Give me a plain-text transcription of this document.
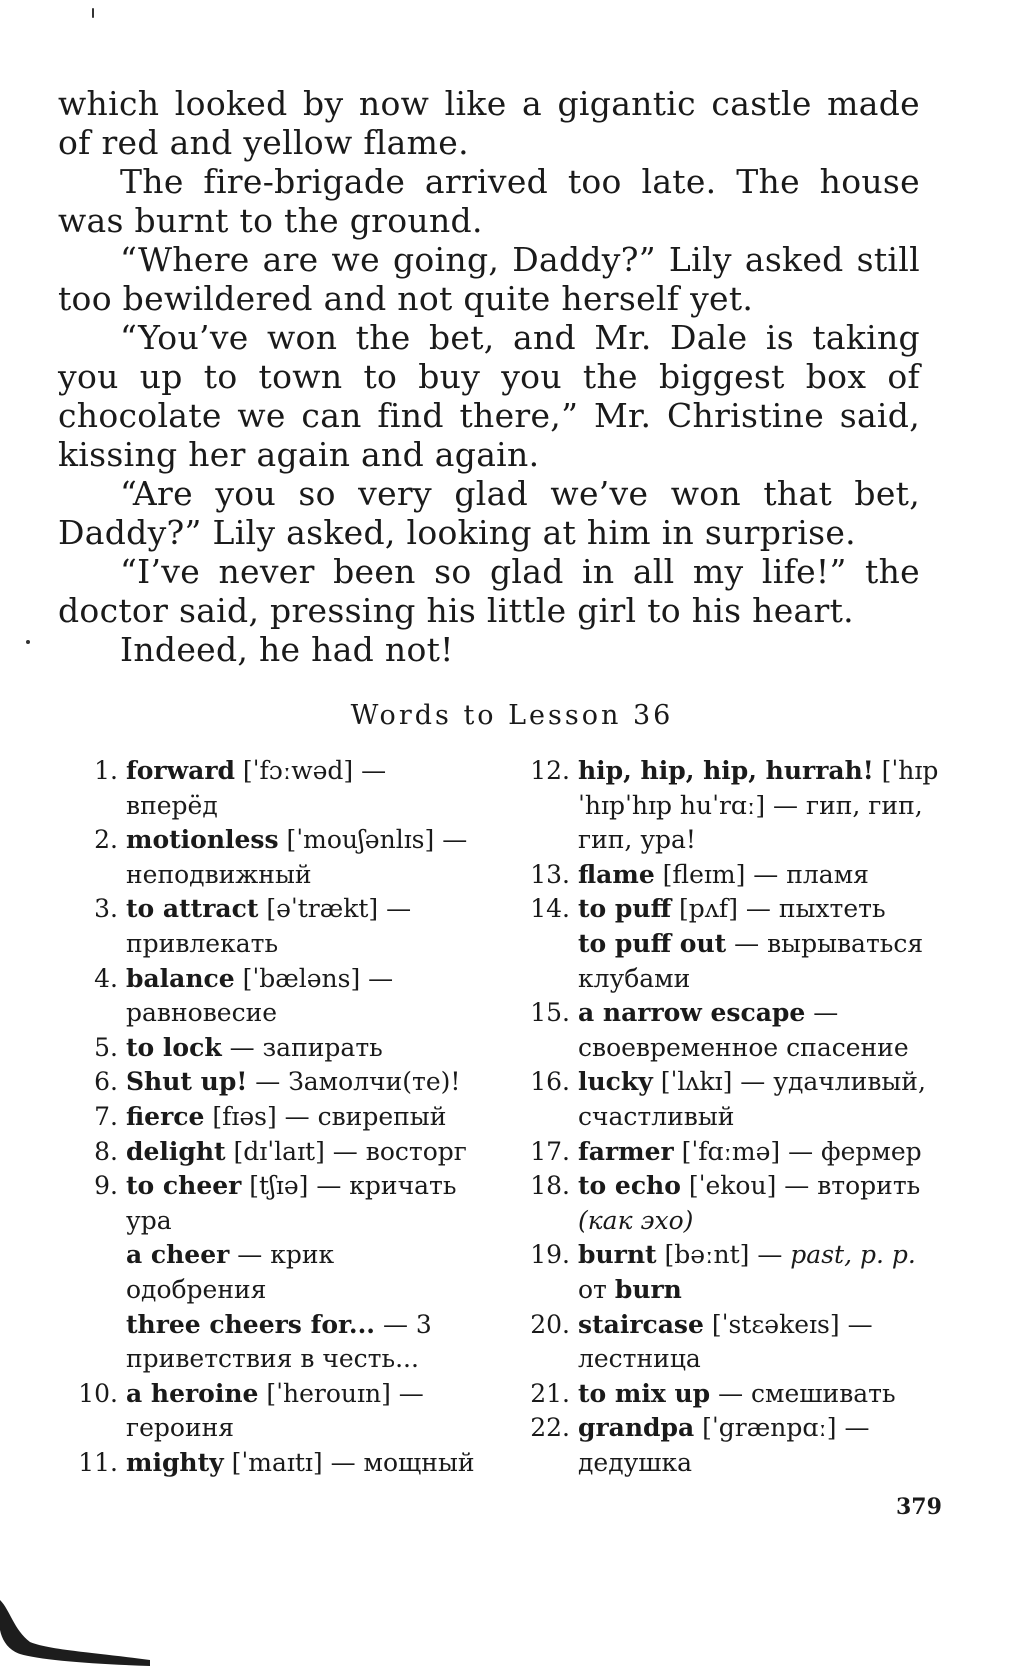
which looked by now like a gigantic castle made of red and yellow flame.

The fire-brigade arrived too late. The house was burnt to the ground.

“Where are we going, Daddy?” Lily asked still too bewildered and not quite herself yet.

“You’ve won the bet, and Mr. Dale is taking you up to town to buy you the biggest box of chocolate we can find there,” Mr. Christine said, kissing her again and again.

“Are you so very glad we’ve won that bet, Daddy?” Lily asked, looking at him in surprise.

“I’ve never been so glad in all my life!” the doctor said, pressing his little girl to his heart.

Indeed, he had not!

Words to Lesson 36
1. forward [ˈfɔːwəd] — вперёд
2. motionless [ˈmouʃənlɪs] — неподвижный
3. to attract [əˈtrækt] — привлекать
4. balance [ˈbæləns] — равновесие
5. to lock — запирать
6. Shut up! — Замолчи(те)!
7. fierce [fɪəs] — свирепый
8. delight [dɪˈlaɪt] — восторг
9. to cheer [tʃɪə] — кричать ура
a cheer — крик одобрения
three cheers for... — 3 приветствия в честь...
10. a heroine [ˈherouɪn] — героиня
11. mighty [ˈmaɪtɪ] — мощный
12. hip, hip, hip, hurrah! [ˈhɪpˈhɪpˈhɪp huˈrɑː] — гип, гип, гип, ура!
13. flame [fleɪm] — пламя
14. to puff [pʌf] — пыхтеть
to puff out — вырываться клубами
15. a narrow escape — своевременное спасение
16. lucky [ˈlʌkɪ] — удачливый, счастливый
17. farmer [ˈfɑːmə] — фермер
18. to echo [ˈekou] — вторить (как эхо)
19. burnt [bəːnt] — past, p. p. от burn
20. staircase [ˈstɛəkeɪs] — лестница
21. to mix up — смешивать
22. grandpa [ˈgrænpɑː] — дедушка
379
